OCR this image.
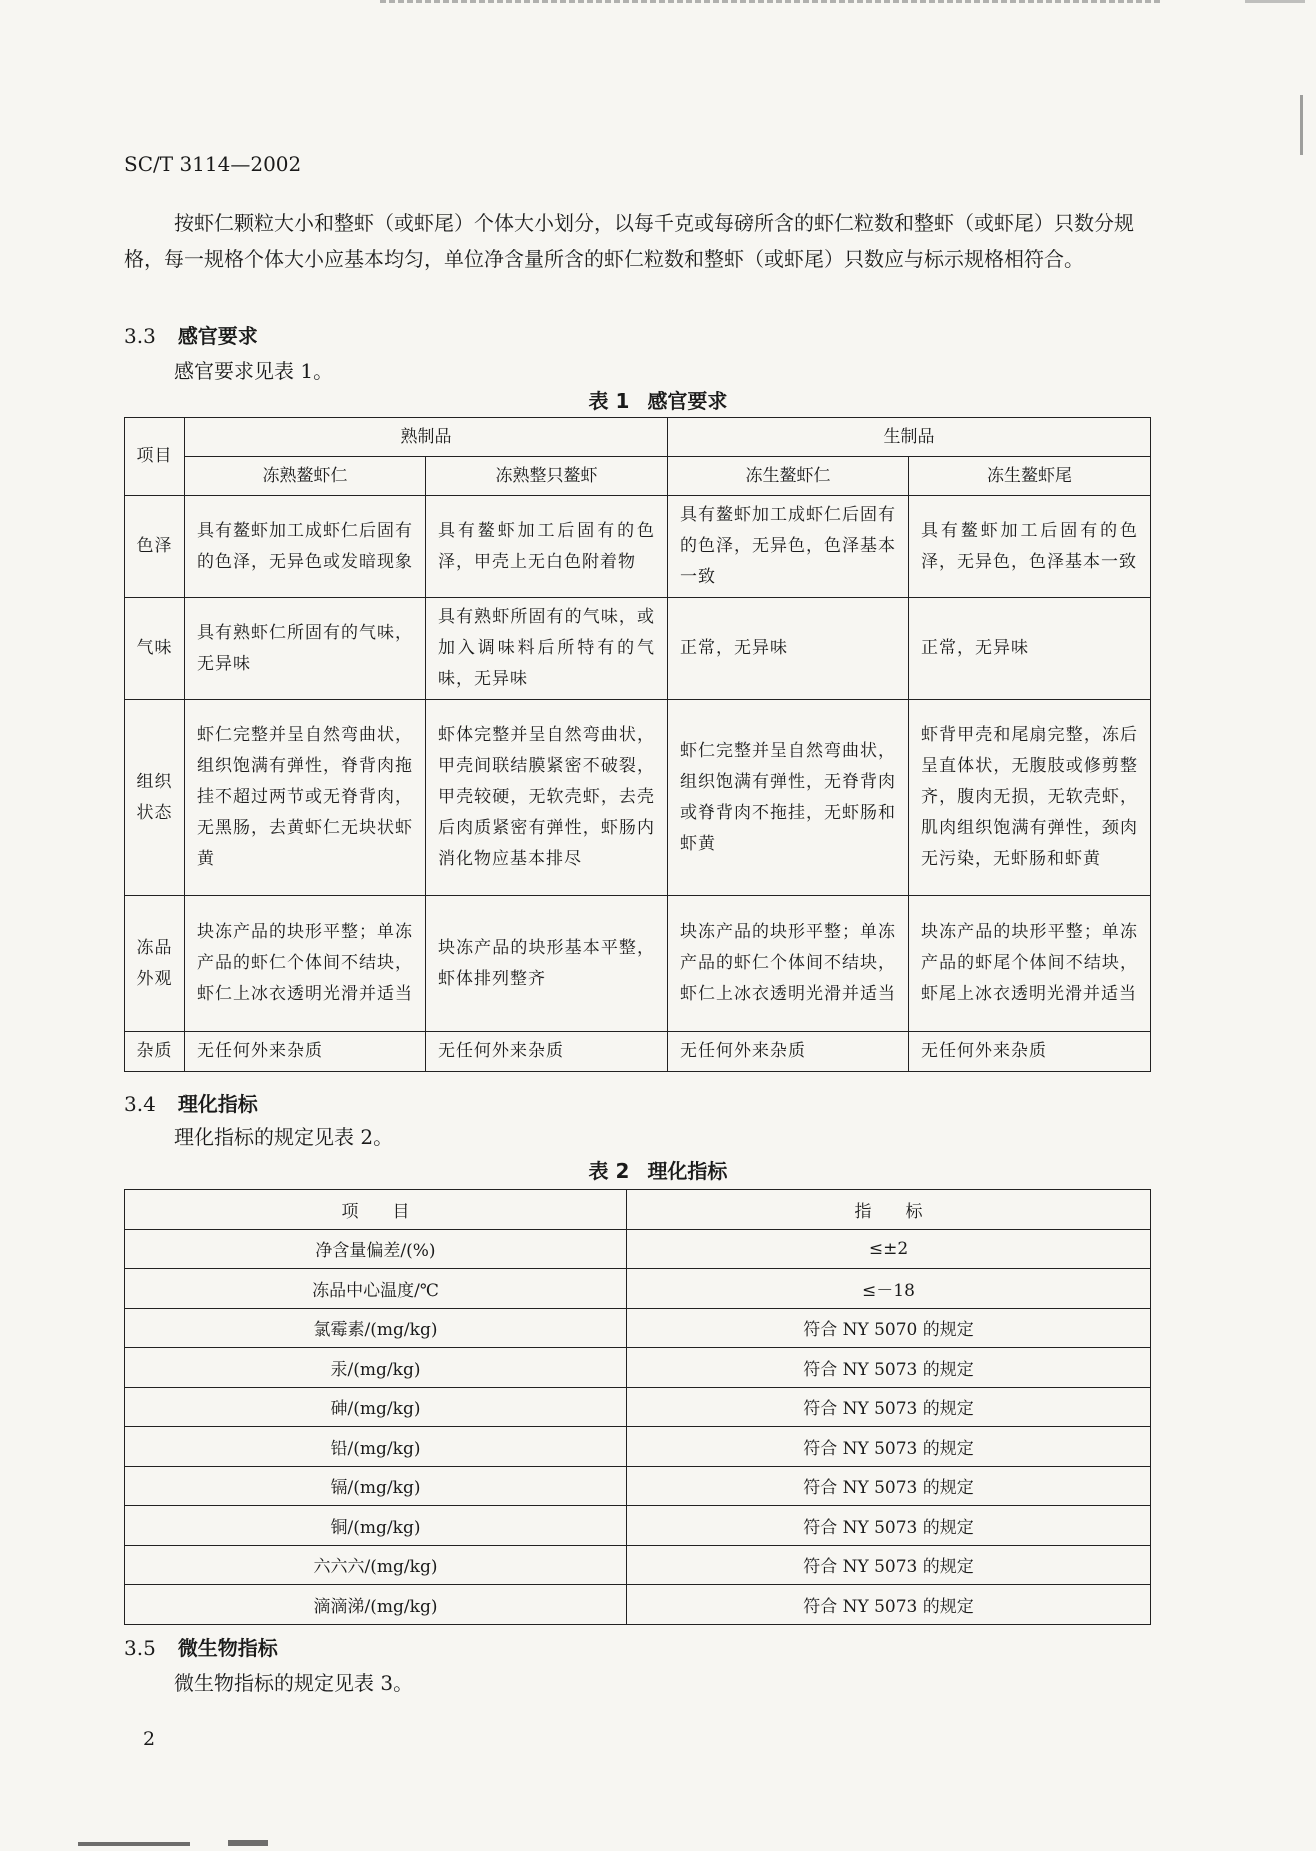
SC/T 3114—2002
按虾仁颗粒大小和整虾（或虾尾）个体大小划分，以每千克或每磅所含的虾仁粒数和整虾（或虾尾）只数分规格，每一规格个体大小应基本均匀，单位净含量所含的虾仁粒数和整虾（或虾尾）只数应与标示规格相符合。
3.3 感官要求
感官要求见表 1。
表 1 感官要求
项目	熟制品		生制品	
	冻熟鳌虾仁	冻熟整只鳌虾	冻生鳌虾仁	冻生鳌虾尾
色泽	具有鳌虾加工成虾仁后固有的色泽，无异色或发暗现象	具有鳌虾加工后固有的色泽，甲壳上无白色附着物	具有鳌虾加工成虾仁后固有的色泽，无异色，色泽基本一致	具有鳌虾加工后固有的色泽，无异色，色泽基本一致
气味	具有熟虾仁所固有的气味，无异味	具有熟虾所固有的气味，或加入调味料后所特有的气味，无异味	正常，无异味	正常，无异味
组织状态	虾仁完整并呈自然弯曲状，组织饱满有弹性，脊背肉拖挂不超过两节或无脊背肉，无黑肠，去黄虾仁无块状虾黄	虾体完整并呈自然弯曲状，甲壳间联结膜紧密不破裂，甲壳较硬，无软壳虾，去壳后肉质紧密有弹性，虾肠内消化物应基本排尽	虾仁完整并呈自然弯曲状，组织饱满有弹性，无脊背肉或脊背肉不拖挂，无虾肠和虾黄	虾背甲壳和尾扇完整，冻后呈直体状，无腹肢或修剪整齐，腹肉无损，无软壳虾，肌肉组织饱满有弹性，颈肉无污染，无虾肠和虾黄
冻品外观	块冻产品的块形平整；单冻产品的虾仁个体间不结块，虾仁上冰衣透明光滑并适当	块冻产品的块形基本平整，虾体排列整齐	块冻产品的块形平整；单冻产品的虾仁个体间不结块，虾仁上冰衣透明光滑并适当	块冻产品的块形平整；单冻产品的虾尾个体间不结块，虾尾上冰衣透明光滑并适当
杂质	无任何外来杂质	无任何外来杂质	无任何外来杂质	无任何外来杂质
3.4 理化指标
理化指标的规定见表 2。
表 2 理化指标
项　　目	指　　标
净含量偏差/(%)	≤±2
冻品中心温度/℃	≤－18
氯霉素/(mg/kg)	符合 NY 5070 的规定
汞/(mg/kg)	符合 NY 5073 的规定
砷/(mg/kg)	符合 NY 5073 的规定
铅/(mg/kg)	符合 NY 5073 的规定
镉/(mg/kg)	符合 NY 5073 的规定
铜/(mg/kg)	符合 NY 5073 的规定
六六六/(mg/kg)	符合 NY 5073 的规定
滴滴涕/(mg/kg)	符合 NY 5073 的规定
3.5 微生物指标
微生物指标的规定见表 3。
2
